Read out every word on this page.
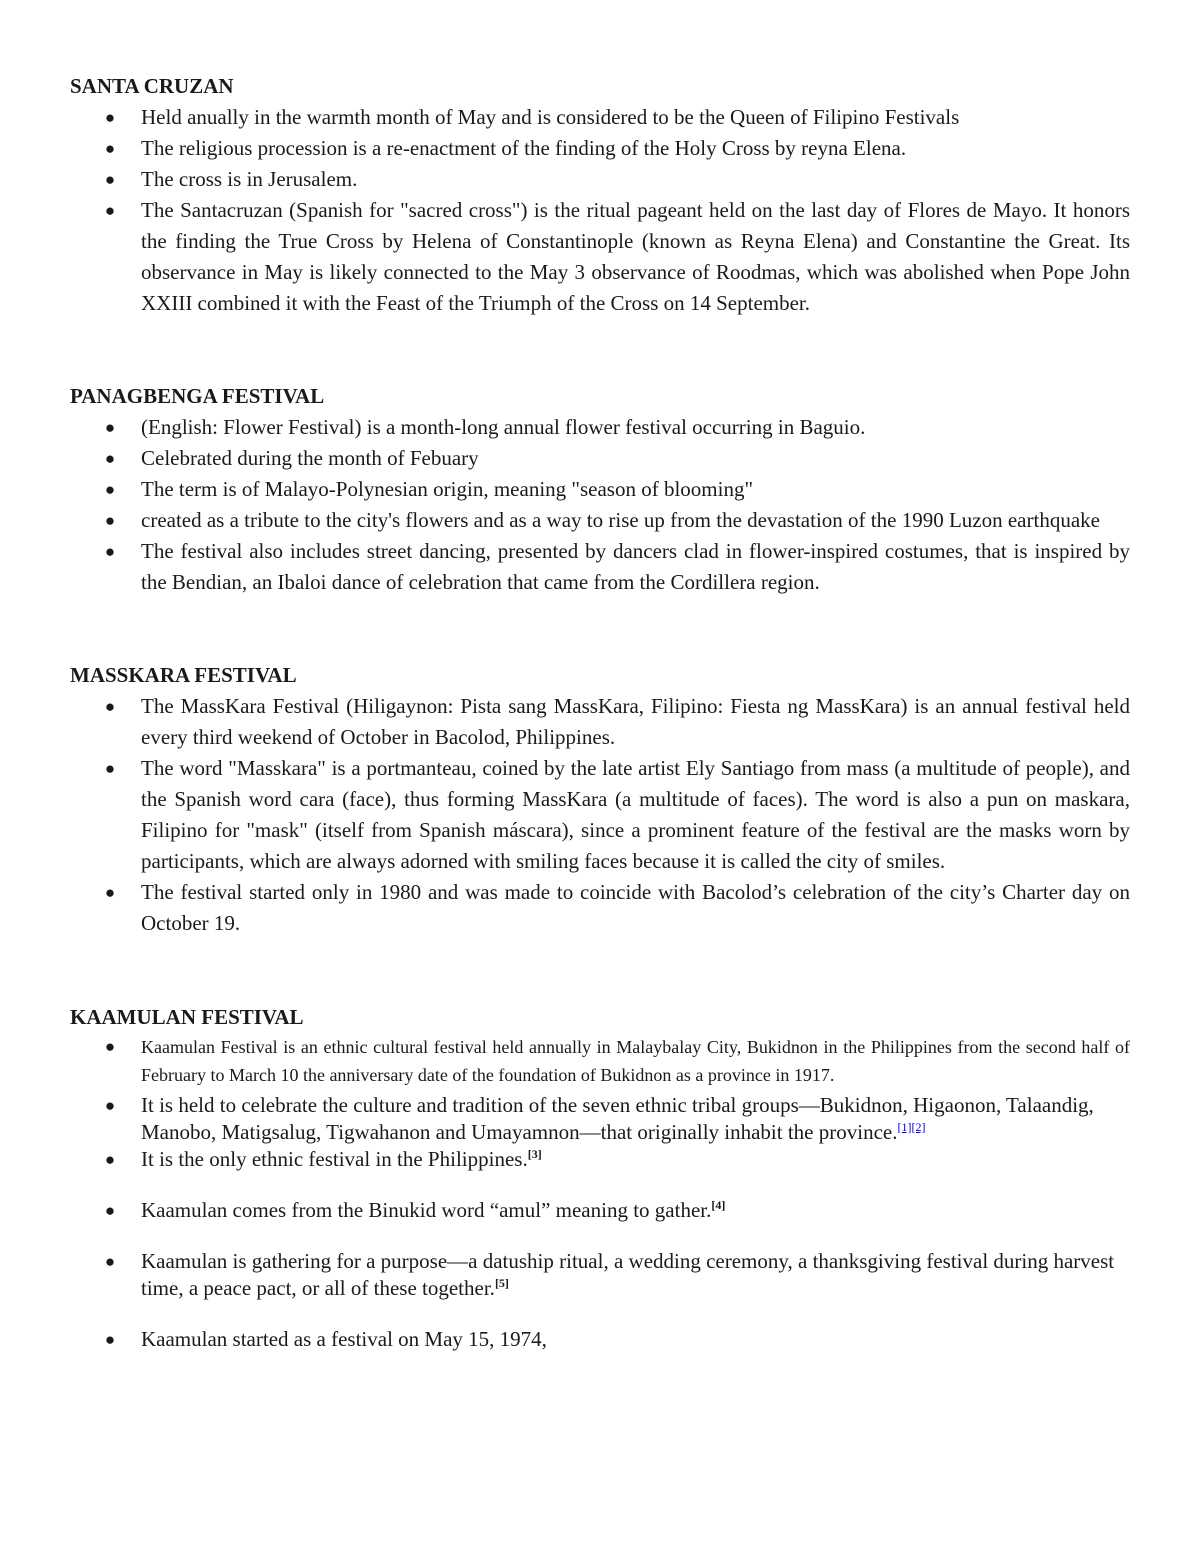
SANTA CRUZAN
● Held anually in the warmth month of May and is considered to be the Queen of Filipino Festivals
● The religious procession is a re-enactment of the finding of the Holy Cross by reyna Elena.
● The cross is in Jerusalem.
● The Santacruzan (Spanish for "sacred cross") is the ritual pageant held on the last day of Flores de Mayo. It honors the finding the True Cross by Helena of Constantinople (known as Reyna Elena) and Constantine the Great. Its observance in May is likely connected to the May 3 observance of Roodmas, which was abolished when Pope John XXIII combined it with the Feast of the Triumph of the Cross on 14 September.
PANAGBENGA FESTIVAL
● (English: Flower Festival) is a month-long annual flower festival occurring in Baguio.
● Celebrated during the month of Febuary
● The term is of Malayo-Polynesian origin, meaning "season of blooming"
● created as a tribute to the city's flowers and as a way to rise up from the devastation of the 1990 Luzon earthquake
● The festival also includes street dancing, presented by dancers clad in flower-inspired costumes, that is inspired by the Bendian, an Ibaloi dance of celebration that came from the Cordillera region.
MASSKARA FESTIVAL
● The MassKara Festival (Hiligaynon: Pista sang MassKara, Filipino: Fiesta ng MassKara) is an annual festival held every third weekend of October in Bacolod, Philippines.
● The word "Masskara" is a portmanteau, coined by the late artist Ely Santiago from mass (a multitude of people), and the Spanish word cara (face), thus forming MassKara (a multitude of faces). The word is also a pun on maskara, Filipino for "mask" (itself from Spanish máscara), since a prominent feature of the festival are the masks worn by participants, which are always adorned with smiling faces because it is called the city of smiles.
● The festival started only in 1980 and was made to coincide with Bacolod’s celebration of the city’s Charter day on October 19.
KAAMULAN FESTIVAL
● Kaamulan Festival is an ethnic cultural festival held annually in Malaybalay City, Bukidnon in the Philippines from the second half of February to March 10 the anniversary date of the foundation of Bukidnon as a province in 1917.
● It is held to celebrate the culture and tradition of the seven ethnic tribal groups—Bukidnon, Higaonon, Talaandig, Manobo, Matigsalug, Tigwahanon and Umayamnon—that originally inhabit the province.[1][2]
● It is the only ethnic festival in the Philippines.[3]
● Kaamulan comes from the Binukid word “amul” meaning to gather.[4]
● Kaamulan is gathering for a purpose—a datuship ritual, a wedding ceremony, a thanksgiving festival during harvest time, a peace pact, or all of these together.[5]
● Kaamulan started as a festival on May 15, 1974,
